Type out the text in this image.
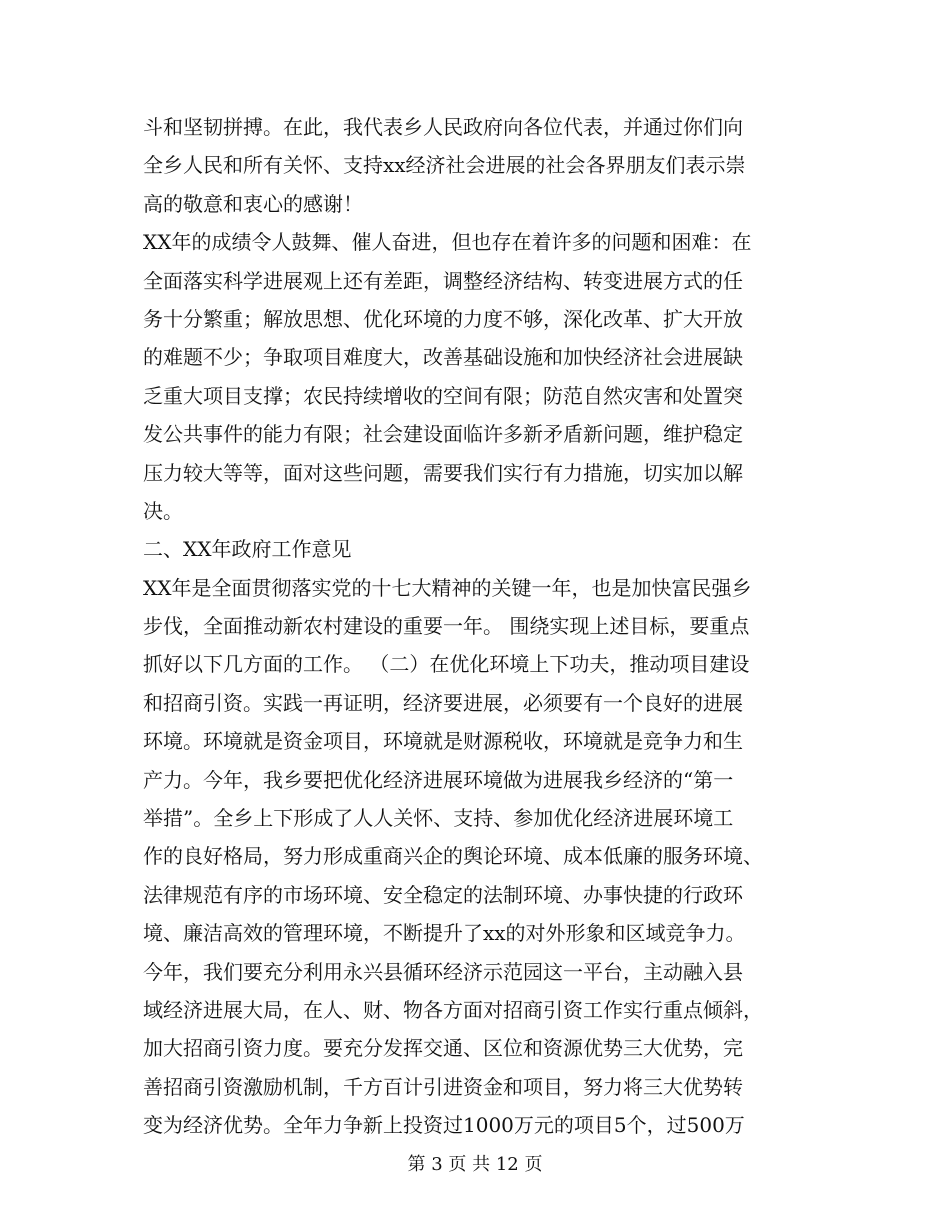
斗和坚韧拼搏。在此，我代表乡人民政府向各位代表，并通过你们向
全乡人民和所有关怀、支持xx经济社会进展的社会各界朋友们表示崇
高的敬意和衷心的感谢！
XX年的成绩令人鼓舞、催人奋进，但也存在着许多的问题和困难：在
全面落实科学进展观上还有差距，调整经济结构、转变进展方式的任
务十分繁重；解放思想、优化环境的力度不够，深化改革、扩大开放
的难题不少；争取项目难度大，改善基础设施和加快经济社会进展缺
乏重大项目支撑；农民持续增收的空间有限；防范自然灾害和处置突
发公共事件的能力有限；社会建设面临许多新矛盾新问题，维护稳定
压力较大等等，面对这些问题，需要我们实行有力措施，切实加以解
决。
二、XX年政府工作意见
XX年是全面贯彻落实党的十七大精神的关键一年，也是加快富民强乡
步伐，全面推动新农村建设的重要一年。 围绕实现上述目标，要重点
抓好以下几方面的工作。 （二）在优化环境上下功夫，推动项目建设
和招商引资。实践一再证明，经济要进展，必须要有一个良好的进展
环境。环境就是资金项目，环境就是财源税收，环境就是竞争力和生
产力。今年，我乡要把优化经济进展环境做为进展我乡经济的“第一
举措”。全乡上下形成了人人关怀、支持、参加优化经济进展环境工
作的良好格局，努力形成重商兴企的舆论环境、成本低廉的服务环境、
法律规范有序的市场环境、安全稳定的法制环境、办事快捷的行政环
境、廉洁高效的管理环境，不断提升了xx的对外形象和区域竞争力。
今年，我们要充分利用永兴县循环经济示范园这一平台，主动融入县
域经济进展大局，在人、财、物各方面对招商引资工作实行重点倾斜，
加大招商引资力度。要充分发挥交通、区位和资源优势三大优势，完
善招商引资激励机制，千方百计引进资金和项目，努力将三大优势转
变为经济优势。全年力争新上投资过1000万元的项目5个，过500万
第 3 页 共 12 页
